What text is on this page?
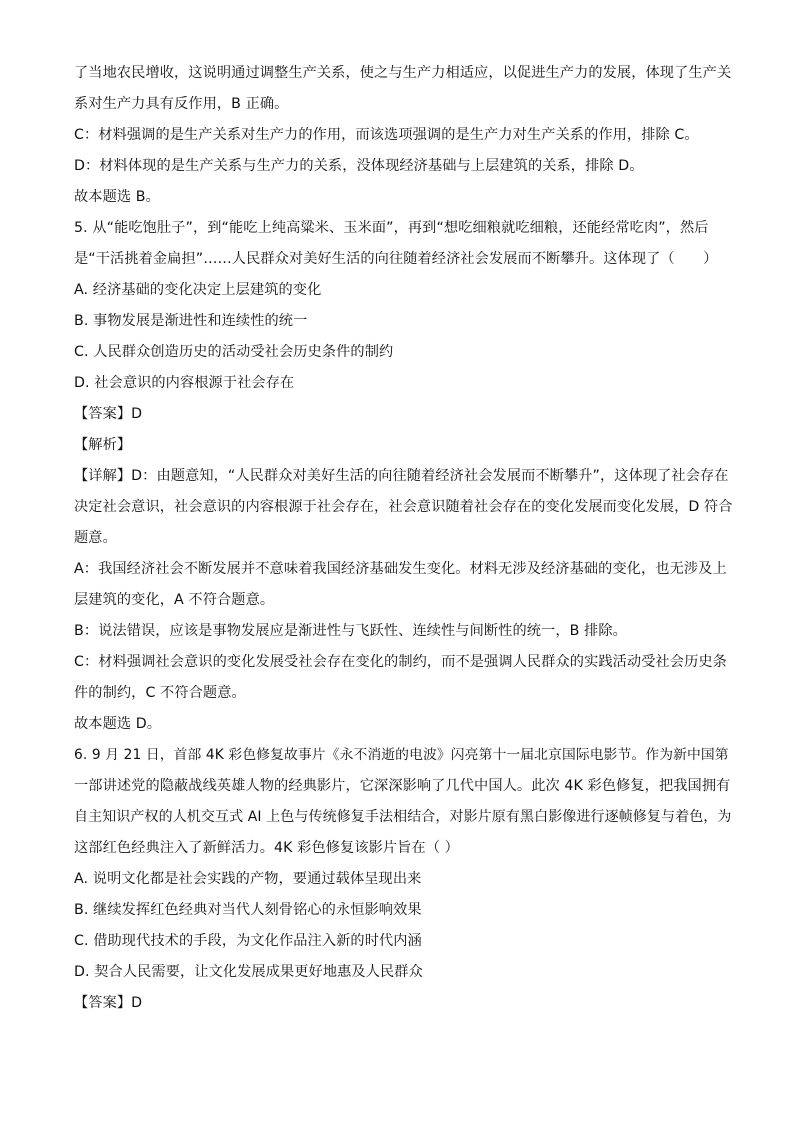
了当地农民增收，这说明通过调整生产关系，使之与生产力相适应，以促进生产力的发展，体现了生产关
系对生产力具有反作用，B 正确。
C：材料强调的是生产关系对生产力的作用，而该选项强调的是生产力对生产关系的作用，排除 C。
D：材料体现的是生产关系与生产力的关系，没体现经济基础与上层建筑的关系，排除 D。
故本题选 B。
5. 从“能吃饱肚子”，到“能吃上纯高粱米、玉米面”，再到“想吃细粮就吃细粮，还能经常吃肉”，然后
是“干活挑着金扁担”……人民群众对美好生活的向往随着经济社会发展而不断攀升。这体现了（　　）
A. 经济基础的变化决定上层建筑的变化
B. 事物发展是渐进性和连续性的统一
C. 人民群众创造历史的活动受社会历史条件的制约
D. 社会意识的内容根源于社会存在
【答案】D
【解析】
【详解】D：由题意知，“人民群众对美好生活的向往随着经济社会发展而不断攀升”，这体现了社会存在
决定社会意识，社会意识的内容根源于社会存在，社会意识随着社会存在的变化发展而变化发展，D 符合
题意。
A：我国经济社会不断发展并不意味着我国经济基础发生变化。材料无涉及经济基础的变化，也无涉及上
层建筑的变化，A 不符合题意。
B：说法错误，应该是事物发展应是渐进性与飞跃性、连续性与间断性的统一，B 排除。
C：材料强调社会意识的变化发展受社会存在变化的制约，而不是强调人民群众的实践活动受社会历史条
件的制约，C 不符合题意。
故本题选 D。
6. 9 月 21 日，首部 4K 彩色修复故事片《永不消逝的电波》闪亮第十一届北京国际电影节。作为新中国第
一部讲述党的隐蔽战线英雄人物的经典影片，它深深影响了几代中国人。此次 4K 彩色修复，把我国拥有
自主知识产权的人机交互式 AI 上色与传统修复手法相结合，对影片原有黑白影像进行逐帧修复与着色，为
这部红色经典注入了新鲜活力。4K 彩色修复该影片旨在（ ）
A. 说明文化都是社会实践的产物，要通过载体呈现出来
B. 继续发挥红色经典对当代人刻骨铭心的永恒影响效果
C. 借助现代技术的手段，为文化作品注入新的时代内涵
D. 契合人民需要，让文化发展成果更好地惠及人民群众
【答案】D
